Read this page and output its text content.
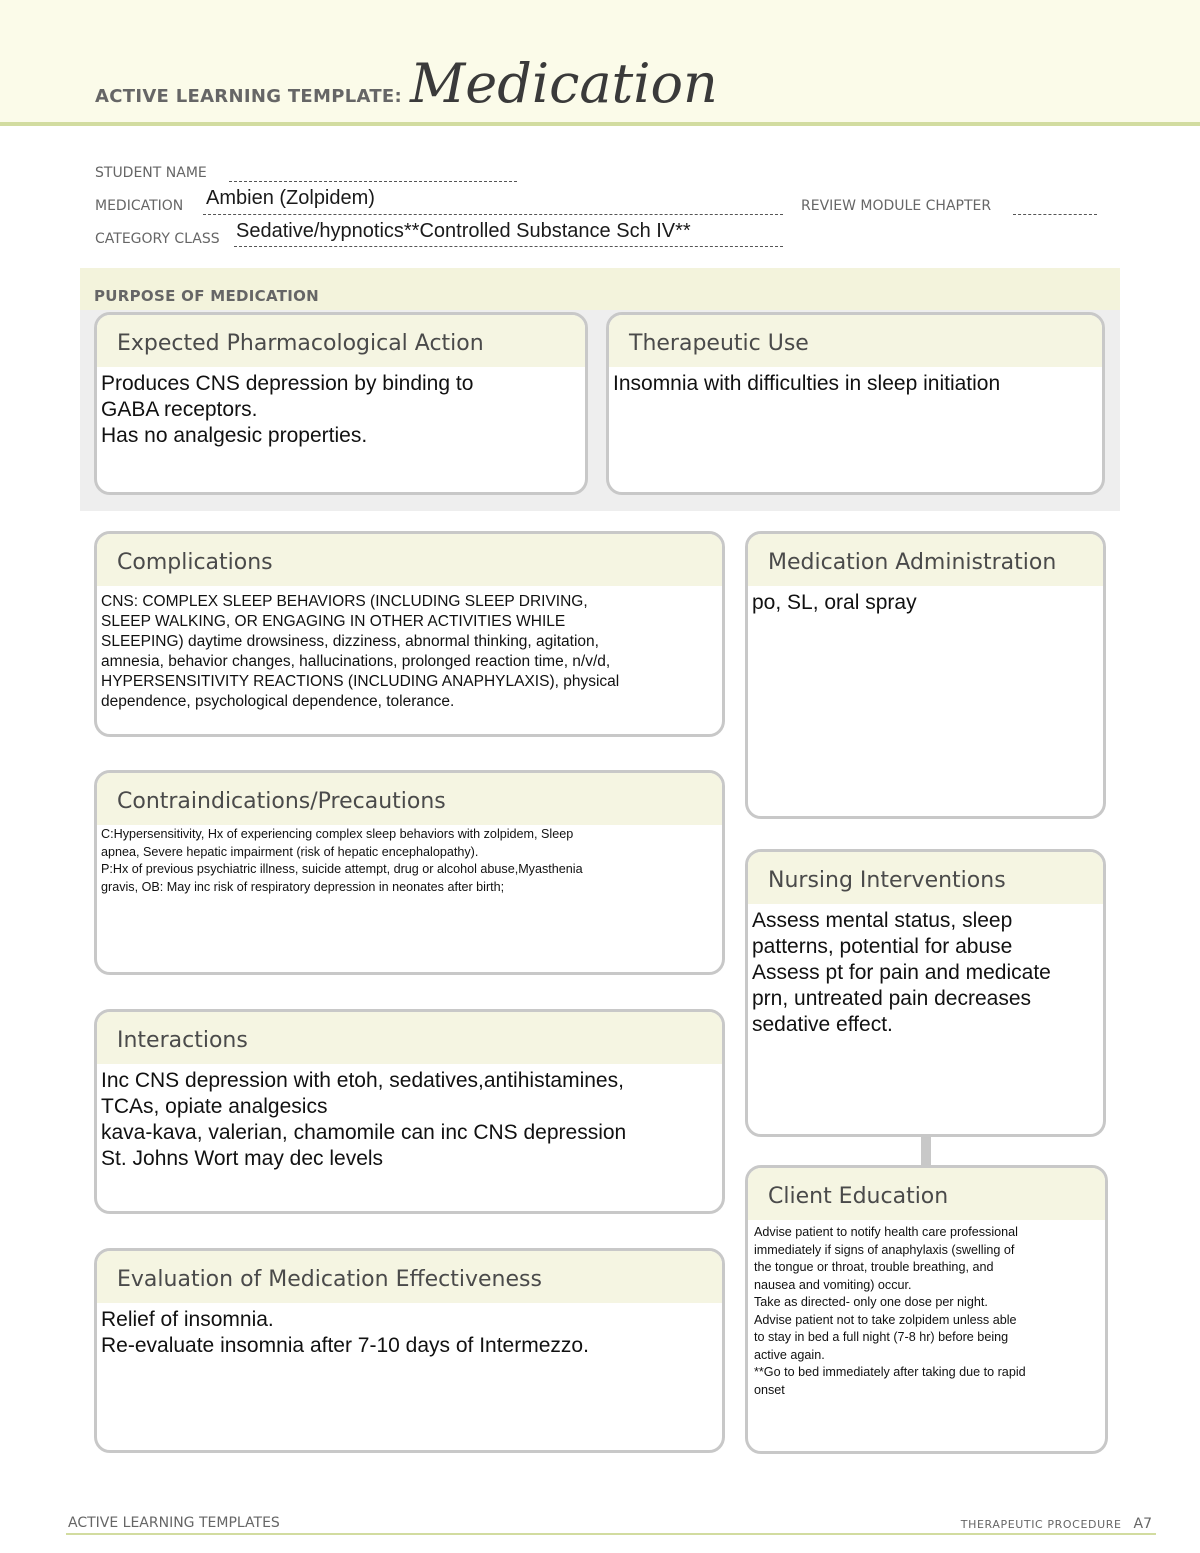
ACTIVE LEARNING TEMPLATE: Medication
STUDENT NAME
MEDICATION Ambien (Zolpidem)	REVIEW MODULE CHAPTER
CATEGORY CLASS Sedative/hypnotics**Controlled Substance Sch IV**
PURPOSE OF MEDICATION
Expected Pharmacological Action
Produces CNS depression by binding to
GABA receptors.
Has no analgesic properties.
Therapeutic Use
Insomnia with difficulties in sleep initiation
Complications
CNS: COMPLEX SLEEP BEHAVIORS (INCLUDING SLEEP DRIVING,
SLEEP WALKING, OR ENGAGING IN OTHER ACTIVITIES WHILE
SLEEPING) daytime drowsiness, dizziness, abnormal thinking, agitation,
amnesia, behavior changes, hallucinations, prolonged reaction time, n/v/d,
HYPERSENSITIVITY REACTIONS (INCLUDING ANAPHYLAXIS), physical
dependence, psychological dependence, tolerance.
Contraindications/Precautions
C:Hypersensitivity, Hx of experiencing complex sleep behaviors with zolpidem, Sleep
apnea, Severe hepatic impairment (risk of hepatic encephalopathy).
P:Hx of previous psychiatric illness, suicide attempt, drug or alcohol abuse,Myasthenia
gravis, OB: May inc risk of respiratory depression in neonates after birth;
Interactions
Inc CNS depression with etoh, sedatives,antihistamines,
TCAs, opiate analgesics
kava-kava, valerian, chamomile can inc CNS depression
St. Johns Wort may dec levels
Evaluation of Medication Effectiveness
Relief of insomnia.
Re-evaluate insomnia after 7-10 days of Intermezzo.
Medication Administration
po, SL, oral spray
Nursing Interventions
Assess mental status, sleep
patterns, potential for abuse
Assess pt for pain and medicate
prn, untreated pain decreases
sedative effect.
Client Education
Advise patient to notify health care professional
immediately if signs of anaphylaxis (swelling of
the tongue or throat, trouble breathing, and
nausea and vomiting) occur.
Take as directed- only one dose per night.
Advise patient not to take zolpidem unless able
to stay in bed a full night (7-8 hr) before being
active again.
**Go to bed immediately after taking due to rapid
onset
ACTIVE LEARNING TEMPLATES	THERAPEUTIC PROCEDURE A7
